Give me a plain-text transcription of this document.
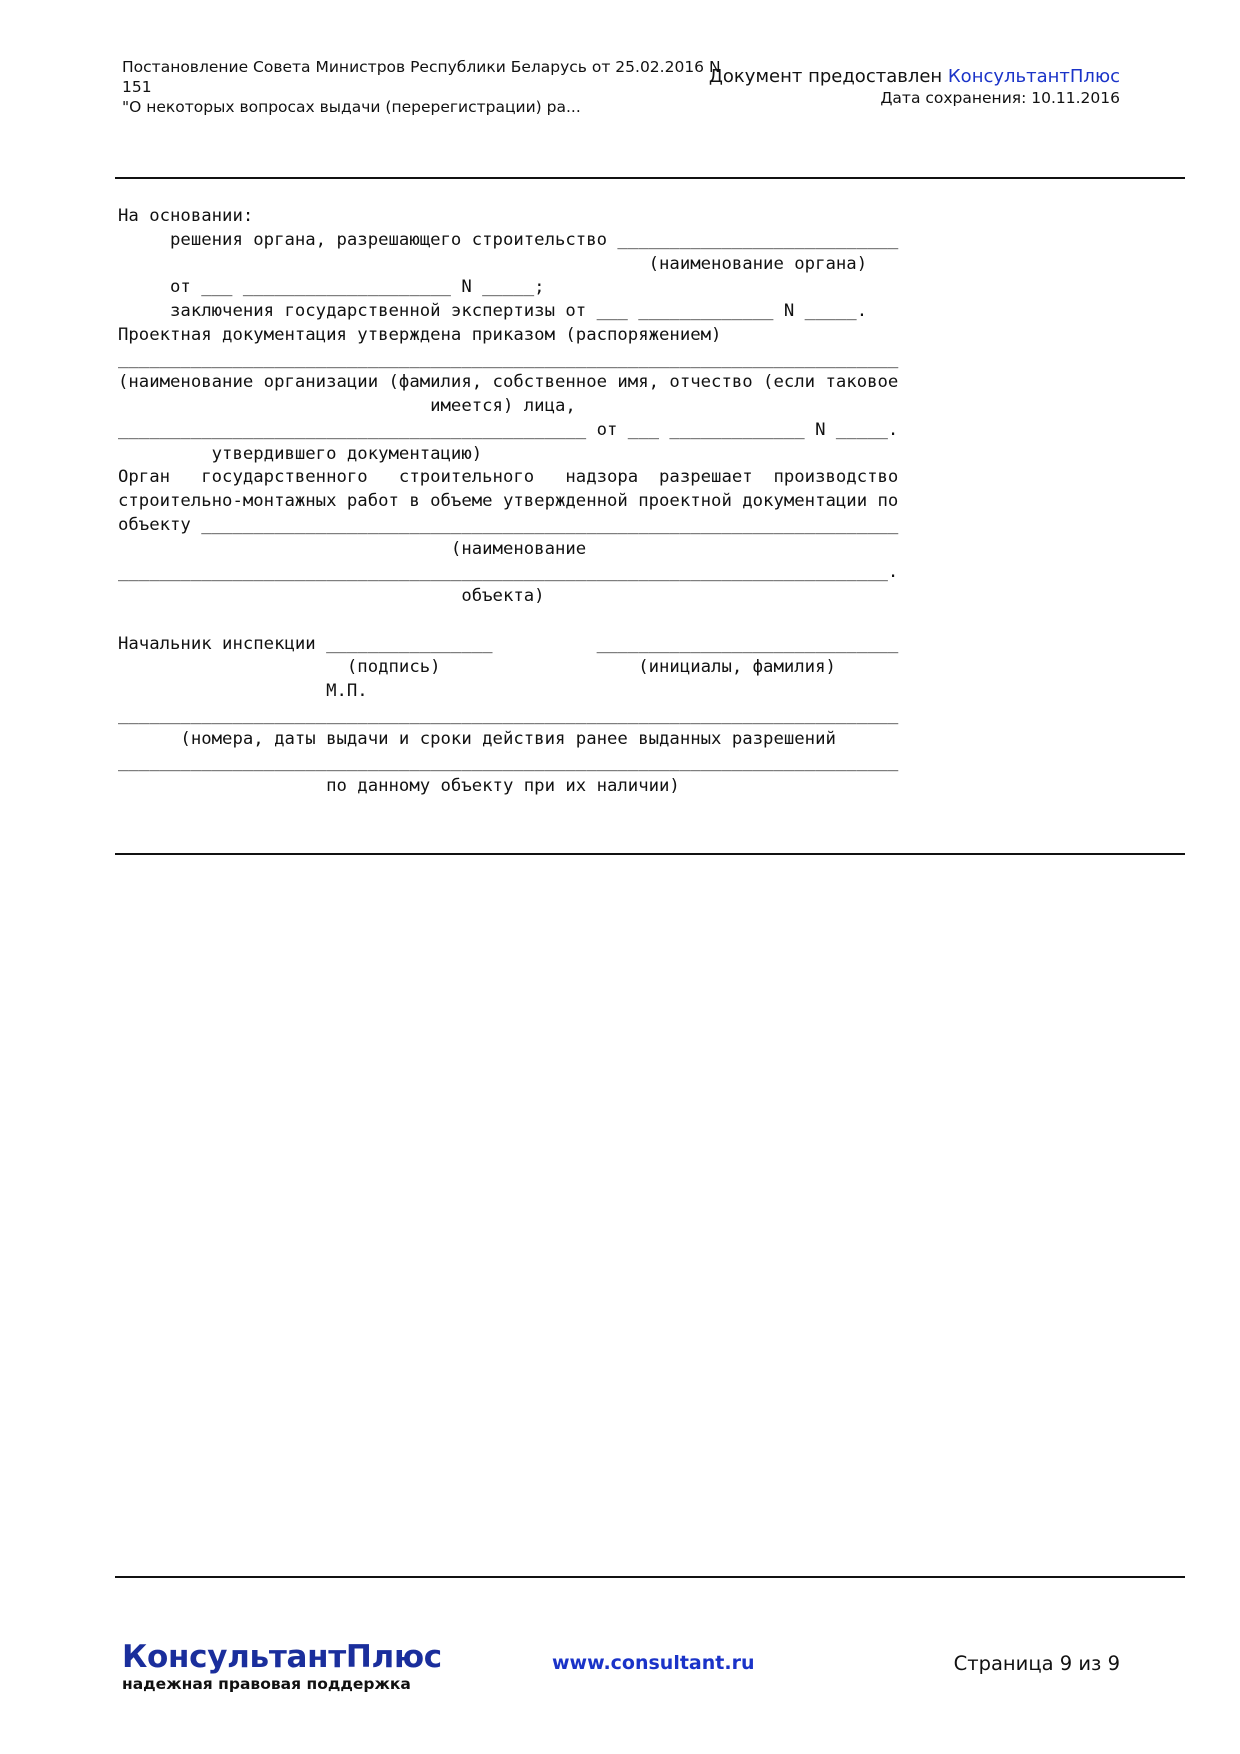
Постановление Совета Министров Республики Беларусь от 25.02.2016 N
151
"О некоторых вопросах выдачи (перерегистрации) ра...
Документ предоставлен КонсультантПлюс
Дата сохранения: 10.11.2016
На основании:
решения органа, разрешающего строительство ___________________________
(наименование органа)
от ___ ____________________ N _____;
заключения государственной экспертизы от ___ _____________ N _____.
Проектная документация утверждена приказом (распоряжением)
___________________________________________________________________________
(наименование организации (фамилия, собственное имя, отчество (если таковое
имеется) лица,
_____________________________________________ от ___ _____________ N _____.
утвердившего документацию)
Орган   государственного   строительного   надзора  разрешает  производство
строительно-монтажных работ в объеме утвержденной проектной документации по
объекту ___________________________________________________________________
(наименование
__________________________________________________________________________.
объекта)
Начальник инспекции ________________          _____________________________
(подпись)                   (инициалы, фамилия)
М.П.
___________________________________________________________________________
(номера, даты выдачи и сроки действия ранее выданных разрешений
___________________________________________________________________________
по данному объекту при их наличии)
КонсультантПлюс
надежная правовая поддержка
www.consultant.ru	Страница 9 из 9
